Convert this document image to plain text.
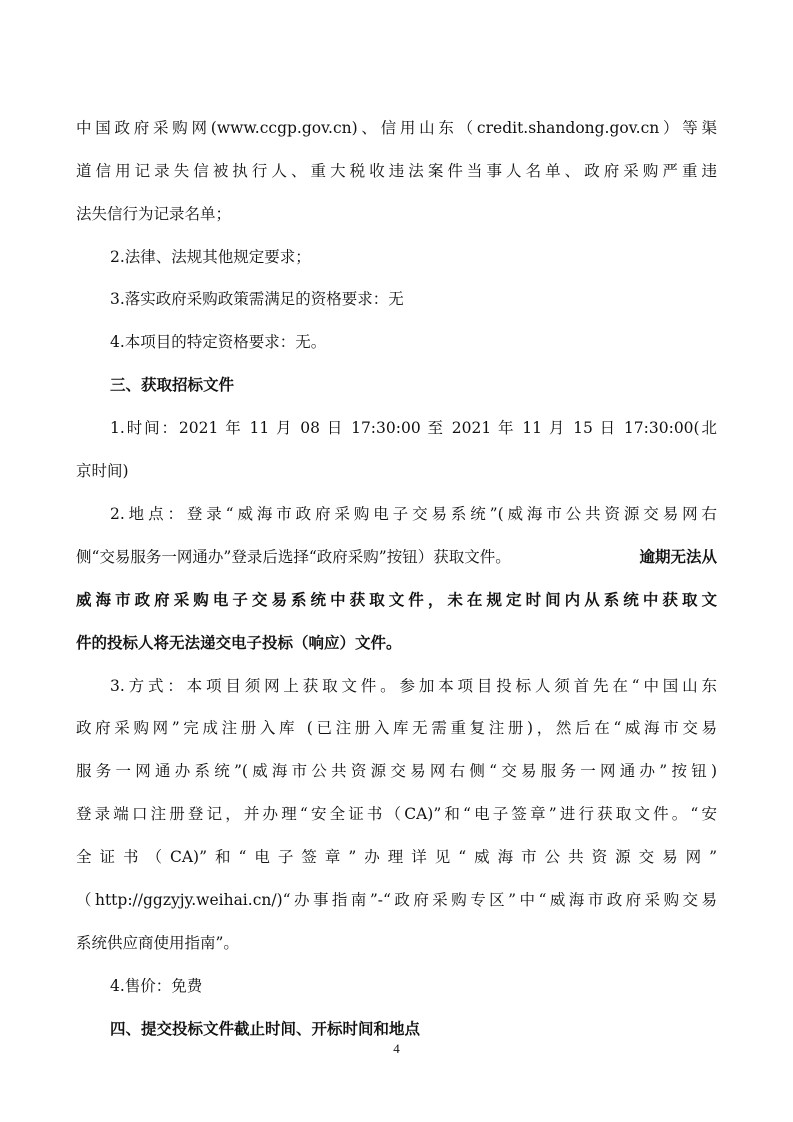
中国政府采购网(www.ccgp.gov.cn)、信用山东（credit.shandong.gov.cn）等渠
道信用记录失信被执行人、重大税收违法案件当事人名单、政府采购严重违
法失信行为记录名单；
2.法律、法规其他规定要求；
3.落实政府采购政策需满足的资格要求：无
4.本项目的特定资格要求：无。
三、获取招标文件
1.时间：2021 年 11 月 08 日 17:30:00 至 2021 年 11 月 15 日 17:30:00(北
京时间)
2.地点：登录“威海市政府采购电子交易系统”(威海市公共资源交易网右
侧“交易服务一网通办”登录后选择“政府采购”按钮）获取文件。	逾期无法从
威海市政府采购电子交易系统中获取文件，未在规定时间内从系统中获取文
件的投标人将无法递交电子投标（响应）文件。
3.方式：本项目须网上获取文件。参加本项目投标人须首先在“中国山东
政府采购网”完成注册入库 (已注册入库无需重复注册)，然后在“威海市交易
服务一网通办系统”(威海市公共资源交易网右侧“交易服务一网通办”按钮)
登录端口注册登记，并办理“安全证书（CA)”和“电子签章”进行获取文件。“安
全证书（CA)”和“电子签章”办理详见“威海市公共资源交易网”
（http://ggzyjy.weihai.cn/)“办事指南”-“政府采购专区”中“威海市政府采购交易
系统供应商使用指南”。
4.售价：免费
四、提交投标文件截止时间、开标时间和地点
4
